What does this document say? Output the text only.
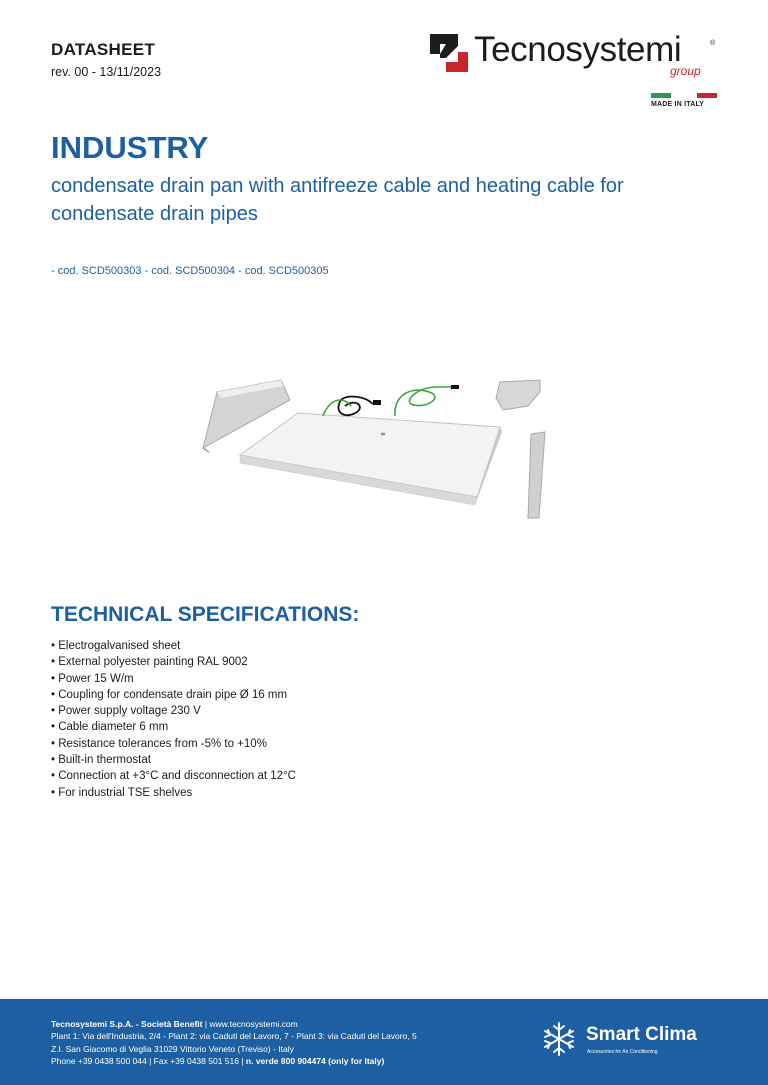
DATASHEET
rev. 00 - 13/11/2023
Tecnosystemi	®
group
MADE IN ITALY
INDUSTRY
condensate drain pan with antifreeze cable and heating cable for condensate drain pipes
- cod. SCD500303 - cod. SCD500304 - cod. SCD500305
TECHNICAL SPECIFICATIONS:
• Electrogalvanised sheet
• External polyester painting RAL 9002
• Power 15 W/m
• Coupling for condensate drain pipe Ø 16 mm
• Power supply voltage 230 V
• Cable diameter 6 mm
• Resistance tolerances from -5% to +10%
• Built-in thermostat
• Connection at +3°C and disconnection at 12°C
• For industrial TSE shelves
Tecnosystemi S.p.A. - Società Benefit | www.tecnosystemi.com
Plant 1: Via dell'Industria, 2/4 - Plant 2: via Caduti del Lavoro, 7 - Plant 3: via Caduti del Lavoro, 5
Z.I. San Giacomo di Veglia 31029 Vittorio Veneto (Treviso) - Italy
Phone +39 0438 500 044 | Fax +39 0438 501 516 | n. verde 800 904474 (only for Italy)
Smart Clima
Accessories for Air Conditioning
